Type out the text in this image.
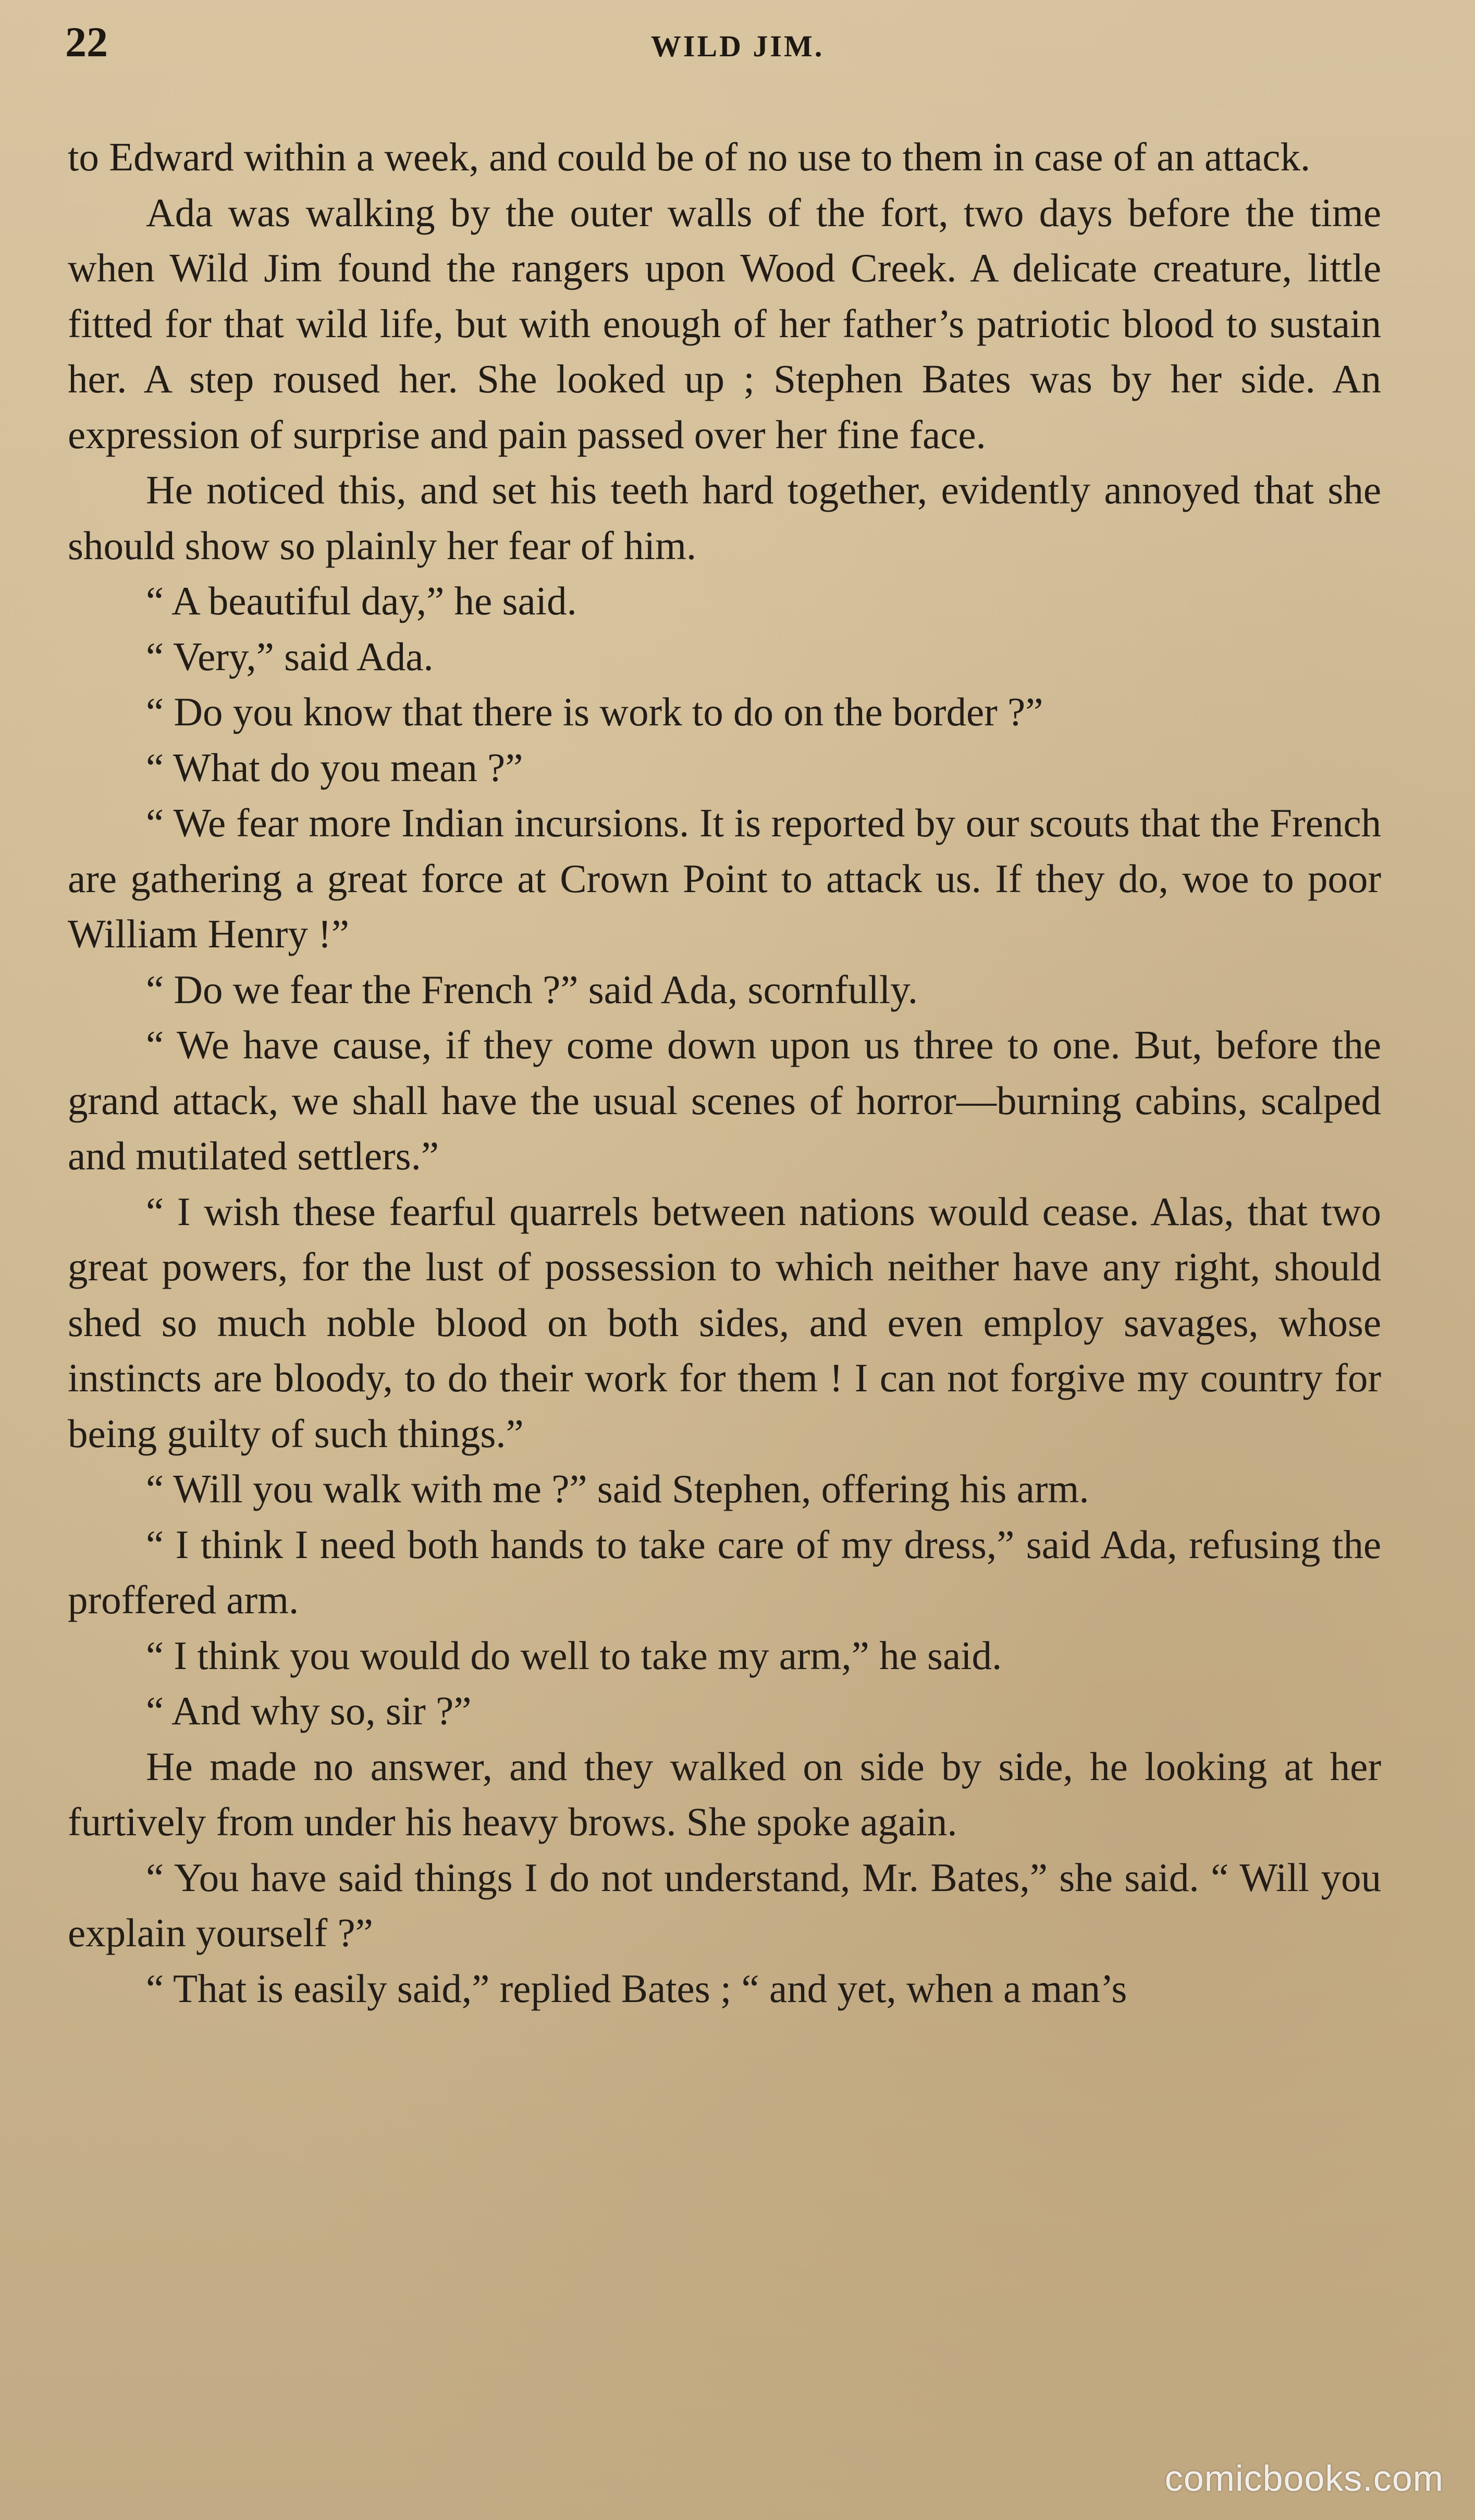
22	WILD JIM.

to Edward within a week, and could be of no use to them in case of an attack.

Ada was walking by the outer walls of the fort, two days before the time when Wild Jim found the rangers upon Wood Creek. A delicate creature, little fitted for that wild life, but with enough of her father’s patriotic blood to sustain her. A step roused her. She looked up ; Stephen Bates was by her side. An expression of surprise and pain passed over her fine face.

He noticed this, and set his teeth hard together, evidently annoyed that she should show so plainly her fear of him.

“ A beautiful day,” he said.

“ Very,” said Ada.

“ Do you know that there is work to do on the border ?”

“ What do you mean ?”

“ We fear more Indian incursions. It is reported by our scouts that the French are gathering a great force at Crown Point to attack us. If they do, woe to poor William Henry !”

“ Do we fear the French ?” said Ada, scornfully.

“ We have cause, if they come down upon us three to one. But, before the grand attack, we shall have the usual scenes of horror—burning cabins, scalped and mutilated settlers.”

“ I wish these fearful quarrels between nations would cease. Alas, that two great powers, for the lust of possession to which neither have any right, should shed so much noble blood on both sides, and even employ savages, whose instincts are bloody, to do their work for them ! I can not forgive my country for being guilty of such things.”

“ Will you walk with me ?” said Stephen, offering his arm.

“ I think I need both hands to take care of my dress,” said Ada, refusing the proffered arm.

“ I think you would do well to take my arm,” he said.

“ And why so, sir ?”

He made no answer, and they walked on side by side, he looking at her furtively from under his heavy brows. She spoke again.

“ You have said things I do not understand, Mr. Bates,” she said. “ Will you explain yourself ?”

“ That is easily said,” replied Bates ; “ and yet, when a man’s

comicbooks.com
